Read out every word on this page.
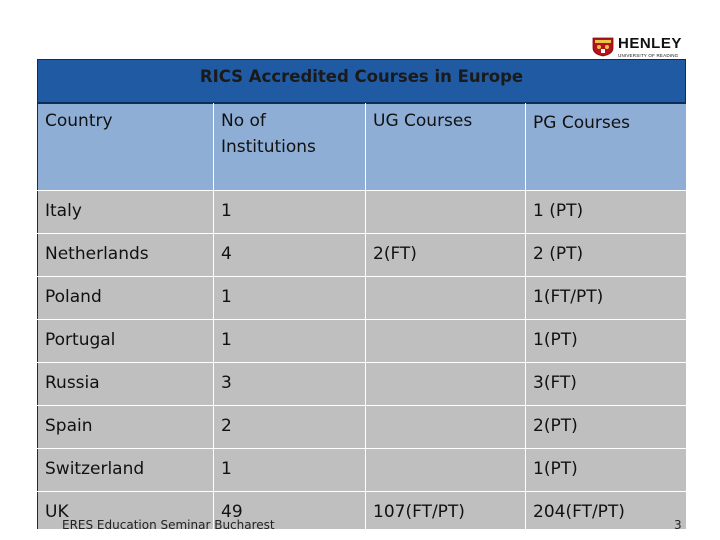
HENLEY
UNIVERSITY OF READING
RICS Accredited Courses in Europe
Country	No of Institutions	UG Courses	PG Courses
Italy	1		1 (PT)
Netherlands	4	2(FT)	2 (PT)
Poland	1		1(FT/PT)
Portugal	1		1(PT)
Russia	3		3(FT)
Spain	2		2(PT)
Switzerland	1		1(PT)
UK	49	107(FT/PT)	204(FT/PT)
ERES Education Seminar Bucharest	3
